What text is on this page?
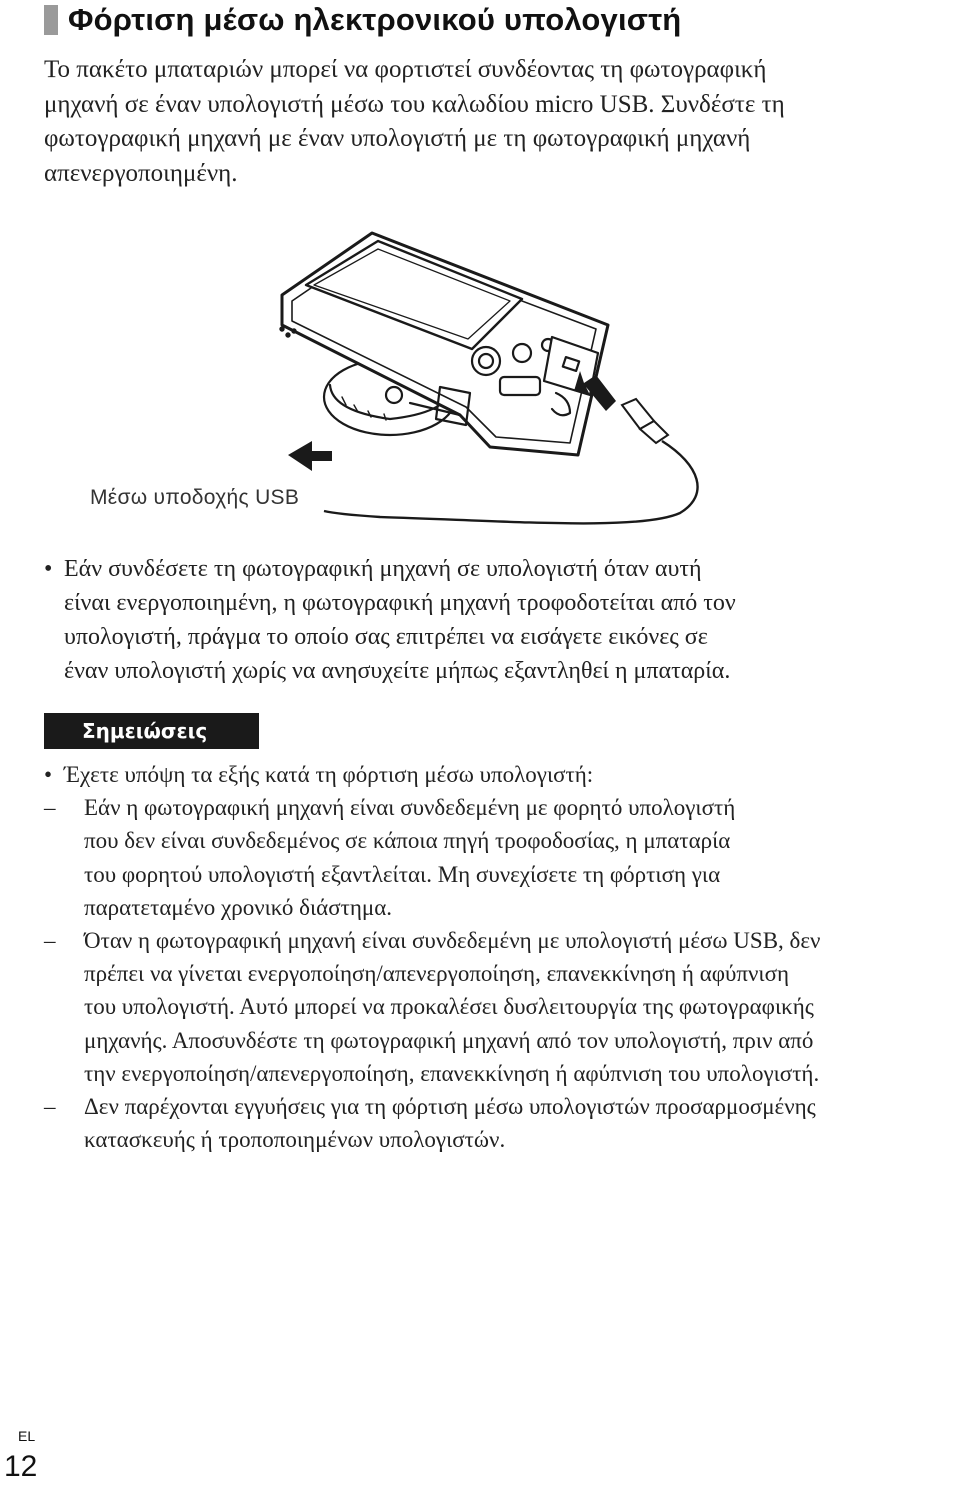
Φόρτιση μέσω ηλεκτρονικού υπολογιστή
Το πακέτο μπαταριών μπορεί να φορτιστεί συνδέοντας τη φωτογραφική
μηχανή σε έναν υπολογιστή μέσω του καλωδίου micro USB. Συνδέστε τη
φωτογραφική μηχανή με έναν υπολογιστή με τη φωτογραφική μηχανή
απενεργοποιημένη.
Μέσω υποδοχής USB
• Εάν συνδέσετε τη φωτογραφική μηχανή σε υπολογιστή όταν αυτή
είναι ενεργοποιημένη, η φωτογραφική μηχανή τροφοδοτείται από τον
υπολογιστή, πράγμα το οποίο σας επιτρέπει να εισάγετε εικόνες σε
έναν υπολογιστή χωρίς να ανησυχείτε μήπως εξαντληθεί η μπαταρία.
Σημειώσεις
• Έχετε υπόψη τα εξής κατά τη φόρτιση μέσω υπολογιστή:
– Εάν η φωτογραφική μηχανή είναι συνδεδεμένη με φορητό υπολογιστή
που δεν είναι συνδεδεμένος σε κάποια πηγή τροφοδοσίας, η μπαταρία
του φορητού υπολογιστή εξαντλείται. Μη συνεχίσετε τη φόρτιση για
παρατεταμένο χρονικό διάστημα.
– Όταν η φωτογραφική μηχανή είναι συνδεδεμένη με υπολογιστή μέσω USB, δεν
πρέπει να γίνεται ενεργοποίηση/απενεργοποίηση, επανεκκίνηση ή αφύπνιση
του υπολογιστή. Αυτό μπορεί να προκαλέσει δυσλειτουργία της φωτογραφικής
μηχανής. Αποσυνδέστε τη φωτογραφική μηχανή από τον υπολογιστή, πριν από
την ενεργοποίηση/απενεργοποίηση, επανεκκίνηση ή αφύπνιση του υπολογιστή.
– Δεν παρέχονται εγγυήσεις για τη φόρτιση μέσω υπολογιστών προσαρμοσμένης
κατασκευής ή τροποποιημένων υπολογιστών.
EL
12
